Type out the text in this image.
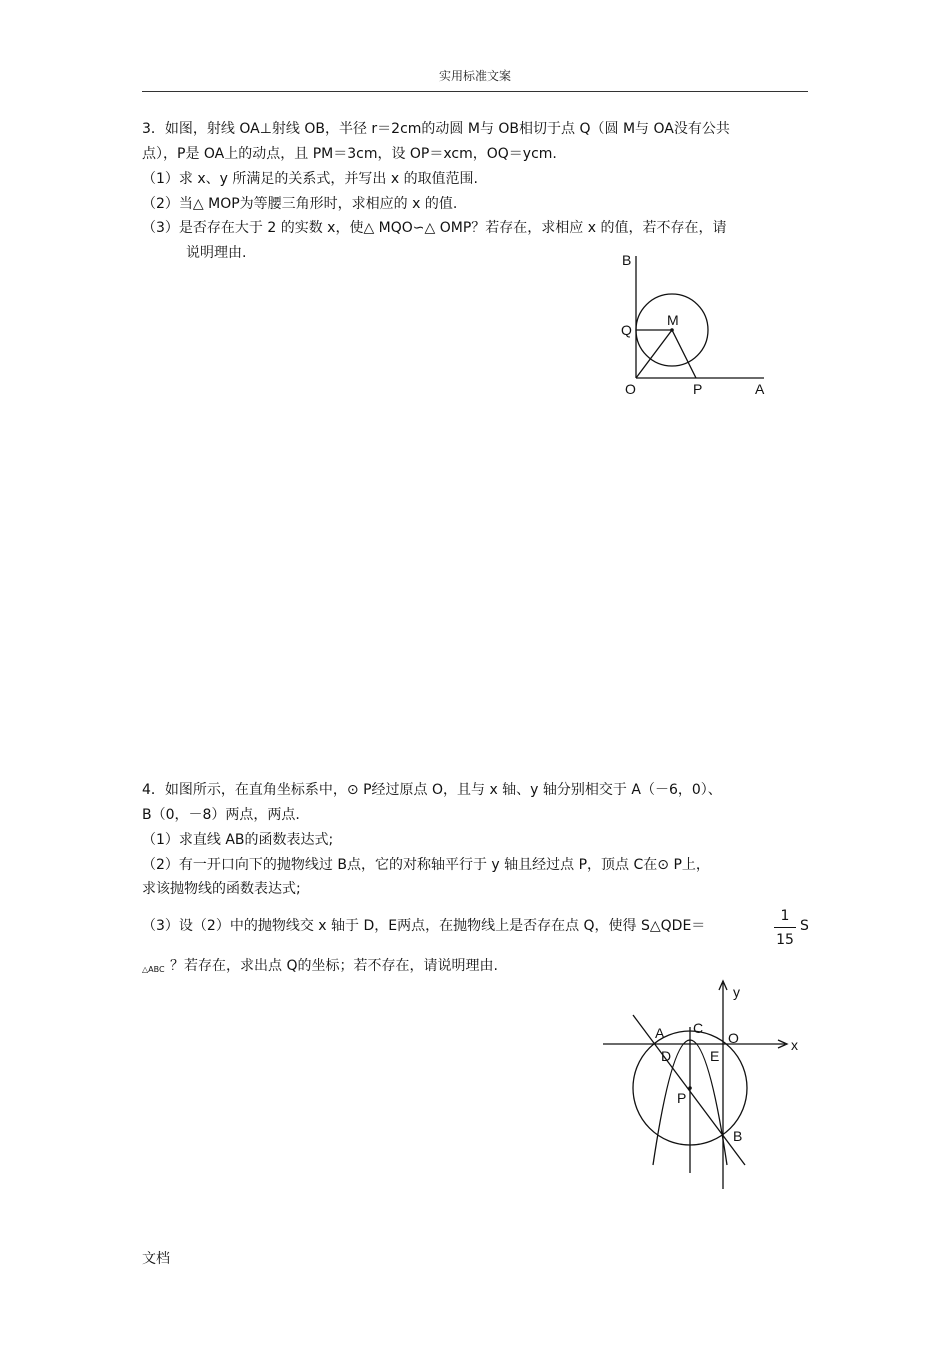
实用标准文案
3．如图，射线 OA⊥射线 OB，半径 r＝2cm的动圆 M与 OB相切于点 Q（圆 M与 OA没有公共
点），P是 OA上的动点，且 PM＝3cm，设 OP＝xcm，OQ＝ycm.
（1）求 x、y 所满足的关系式，并写出 x 的取值范围.
（2）当△ MOP为等腰三角形时，求相应的 x 的值.
（3）是否存在大于 2 的实数 x，使△ MQO∽△ OMP？若存在，求相应 x 的值，若不存在，请
说明理由.	B
Q
M
O	P	A
4．如图所示，在直角坐标系中，⊙ P经过原点 O，且与 x 轴、y 轴分别相交于 A（－6，0）、
B（0，－8）两点，两点.
（1）求直线 AB的函数表达式;
（2）有一开口向下的抛物线过 B点，它的对称轴平行于 y 轴且经过点 P，顶点 C在⊙ P上，
求该抛物线的函数表达式;
（3）设（2）中的抛物线交 x 轴于 D，E两点，在抛物线上是否存在点 Q，使得 S△QDE＝
1
15
S
△ABC ？若存在，求出点 Q的坐标；若不存在，请说明理由.
y
x
A C
O
D	E
P
B
文档
